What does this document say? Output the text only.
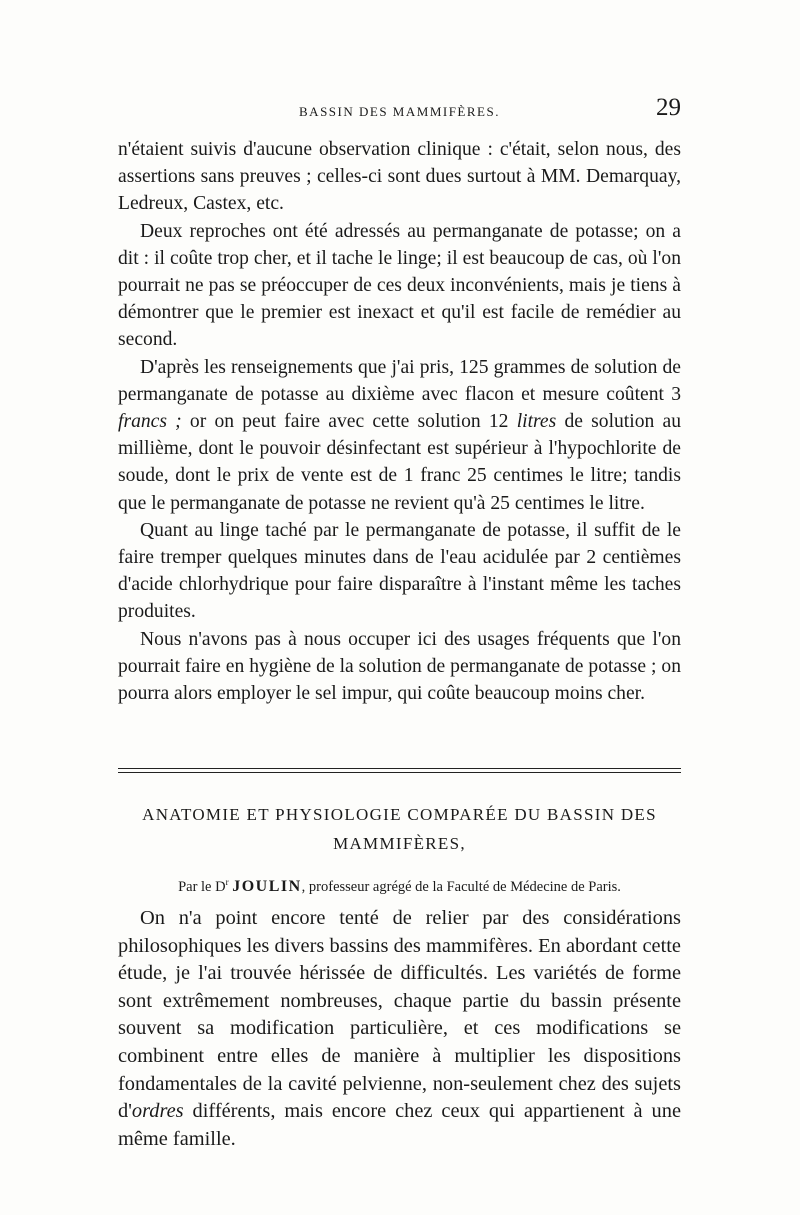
BASSIN DES MAMMIFÈRES.	29

n'étaient suivis d'aucune observation clinique : c'était, selon nous, des assertions sans preuves ; celles-ci sont dues surtout à MM. Demarquay, Ledreux, Castex, etc.

Deux reproches ont été adressés au permanganate de potasse; on a dit : il coûte trop cher, et il tache le linge; il est beaucoup de cas, où l'on pourrait ne pas se préoccuper de ces deux inconvénients, mais je tiens à démontrer que le premier est inexact et qu'il est facile de remédier au second.

D'après les renseignements que j'ai pris, 125 grammes de solution de permanganate de potasse au dixième avec flacon et mesure coûtent 3 francs ; or on peut faire avec cette solution 12 litres de solution au millième, dont le pouvoir désinfectant est supérieur à l'hypochlorite de soude, dont le prix de vente est de 1 franc 25 centimes le litre; tandis que le permanganate de potasse ne revient qu'à 25 centimes le litre.

Quant au linge taché par le permanganate de potasse, il suffit de le faire tremper quelques minutes dans de l'eau acidulée par 2 centièmes d'acide chlorhydrique pour faire disparaître à l'instant même les taches produites.

Nous n'avons pas à nous occuper ici des usages fréquents que l'on pourrait faire en hygiène de la solution de permanganate de potasse ; on pourra alors employer le sel impur, qui coûte beaucoup moins cher.

ANATOMIE ET PHYSIOLOGIE COMPARÉE DU BASSIN DES
MAMMIFÈRES,
Par le $D^r$ JOULIN, professeur agrégé de la Faculté de Médecine de Paris.

On n'a point encore tenté de relier par des considérations philosophiques les divers bassins des mammifères. En abordant cette étude, je l'ai trouvée hérissée de difficultés. Les variétés de forme sont extrêmement nombreuses, chaque partie du bassin présente souvent sa modification particulière, et ces modifications se combinent entre elles de manière à multiplier les dispositions fondamentales de la cavité pelvienne, non-seulement chez des sujets d'ordres différents, mais encore chez ceux qui appartienent à une même famille.
